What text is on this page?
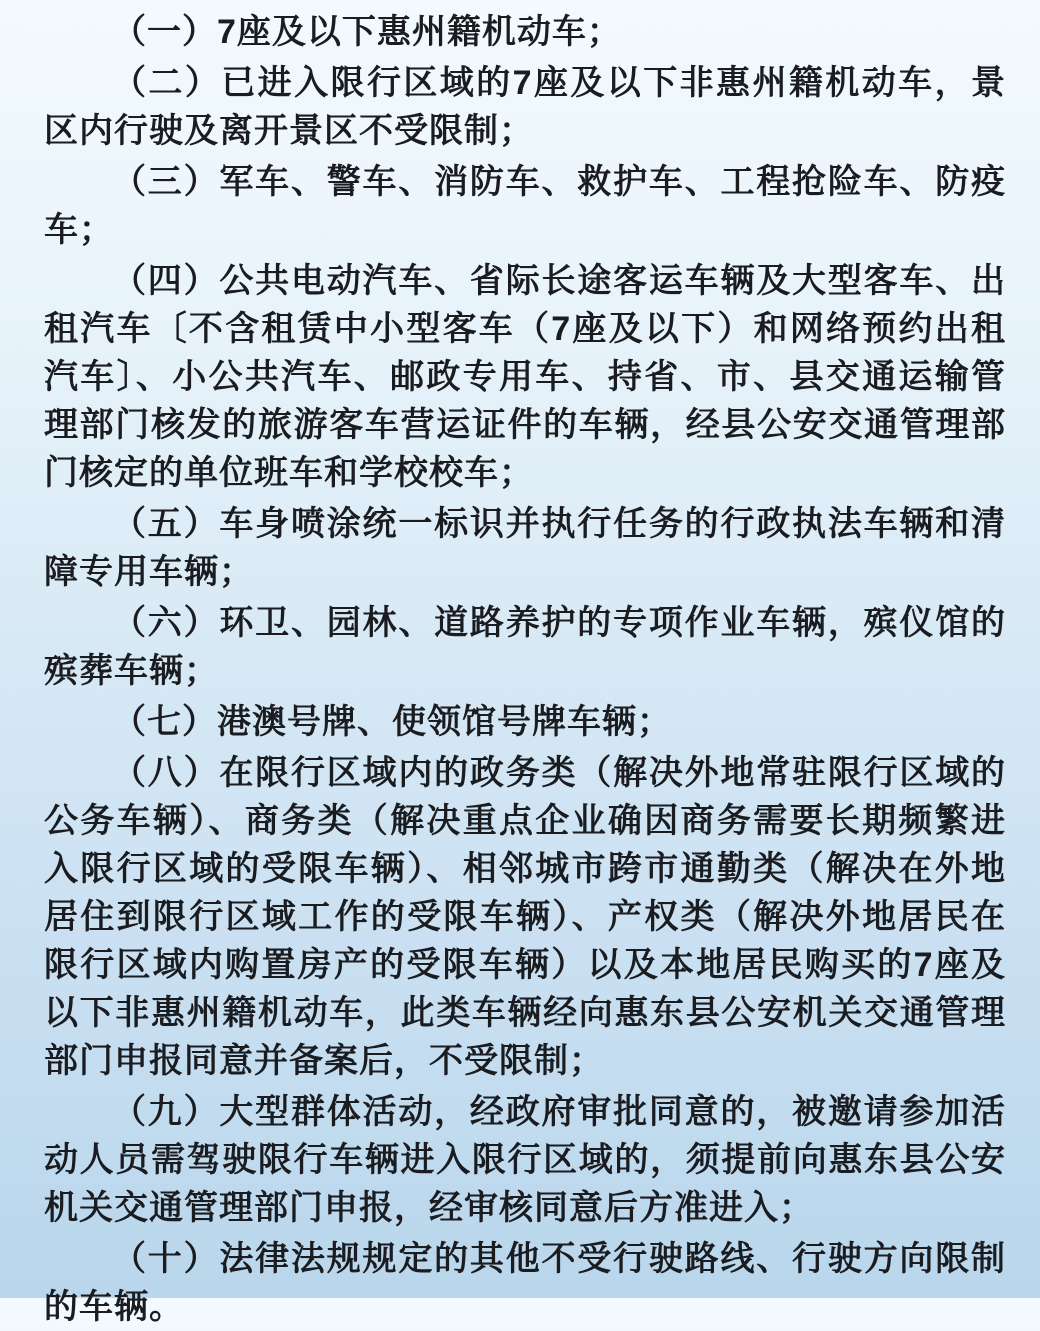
（一）7座及以下惠州籍机动车；

（二）已进入限行区域的7座及以下非惠州籍机动车，景区内行驶及离开景区不受限制；

（三）军车、警车、消防车、救护车、工程抢险车、防疫车；

（四）公共电动汽车、省际长途客运车辆及大型客车、出租汽车〔不含租赁中小型客车（7座及以下）和网络预约出租汽车〕、小公共汽车、邮政专用车、持省、市、县交通运输管理部门核发的旅游客车营运证件的车辆，经县公安交通管理部门核定的单位班车和学校校车；

（五）车身喷涂统一标识并执行任务的行政执法车辆和清障专用车辆；

（六）环卫、园林、道路养护的专项作业车辆，殡仪馆的殡葬车辆；

（七）港澳号牌、使领馆号牌车辆；

（八）在限行区域内的政务类（解决外地常驻限行区域的公务车辆）、商务类（解决重点企业确因商务需要长期频繁进入限行区域的受限车辆）、相邻城市跨市通勤类（解决在外地居住到限行区域工作的受限车辆）、产权类（解决外地居民在限行区域内购置房产的受限车辆）以及本地居民购买的7座及以下非惠州籍机动车，此类车辆经向惠东县公安机关交通管理部门申报同意并备案后，不受限制；

（九）大型群体活动，经政府审批同意的，被邀请参加活动人员需驾驶限行车辆进入限行区域的，须提前向惠东县公安机关交通管理部门申报，经审核同意后方准进入；

（十）法律法规规定的其他不受行驶路线、行驶方向限制的车辆。
